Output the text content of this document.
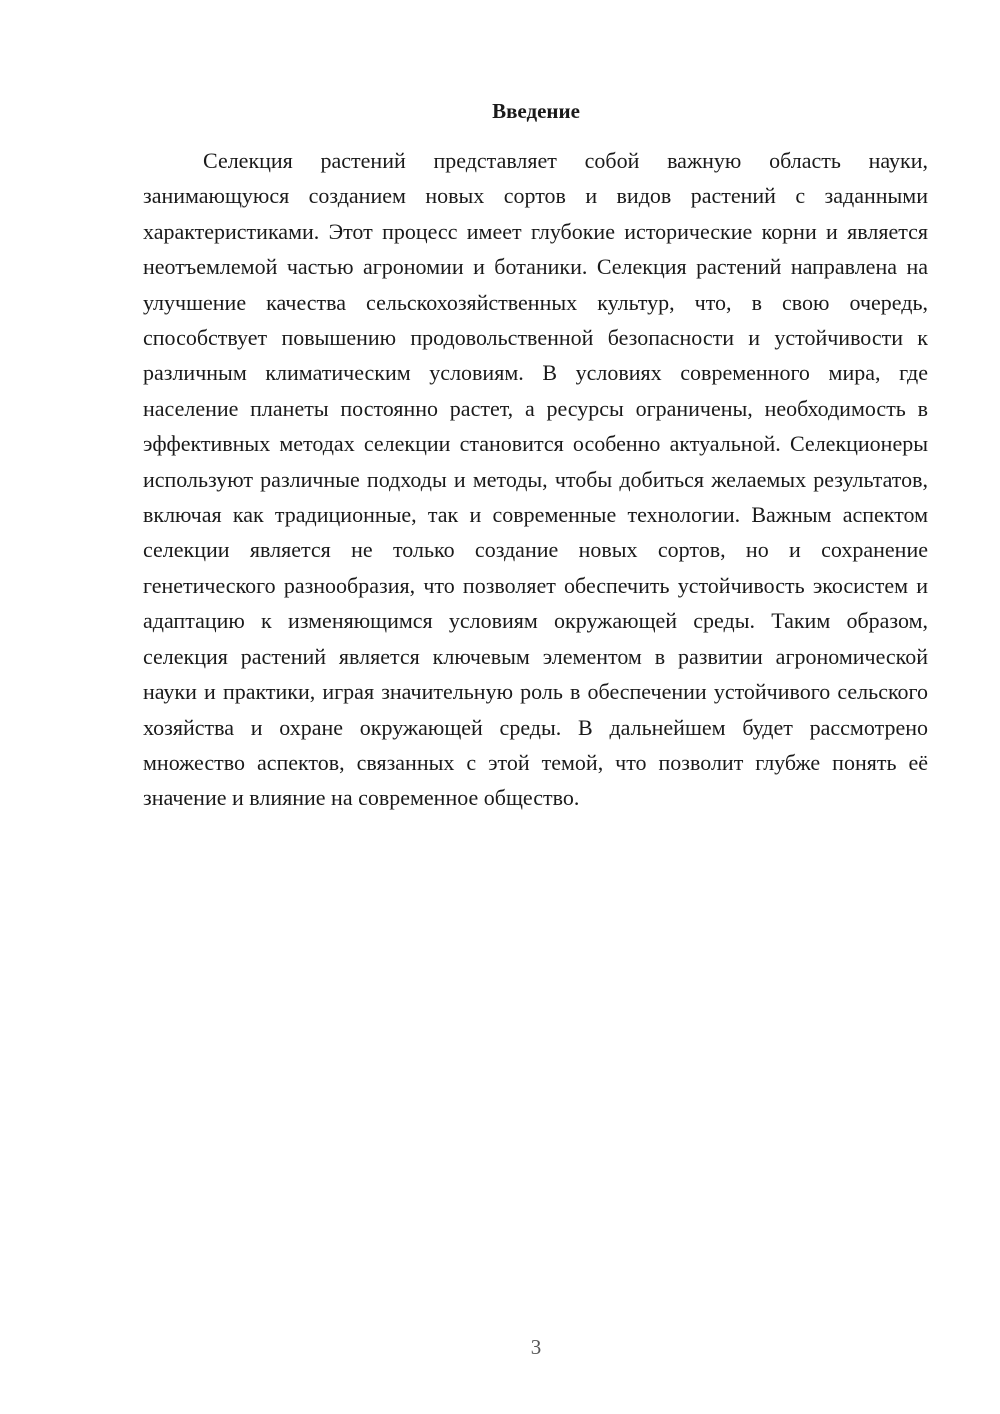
Введение

Селекция растений представляет собой важную область науки, занимающуюся созданием новых сортов и видов растений с заданными характеристиками. Этот процесс имеет глубокие исторические корни и является неотъемлемой частью агрономии и ботаники. Селекция растений направлена на улучшение качества сельскохозяйственных культур, что, в свою очередь, способствует повышению продовольственной безопасности и устойчивости к различным климатическим условиям. В условиях современного мира, где население планеты постоянно растет, а ресурсы ограничены, необходимость в эффективных методах селекции становится особенно актуальной. Селекционеры используют различные подходы и методы, чтобы добиться желаемых результатов, включая как традиционные, так и современные технологии. Важным аспектом селекции является не только создание новых сортов, но и сохранение генетического разнообразия, что позволяет обеспечить устойчивость экосистем и адаптацию к изменяющимся условиям окружающей среды. Таким образом, селекция растений является ключевым элементом в развитии агрономической науки и практики, играя значительную роль в обеспечении устойчивого сельского хозяйства и охране окружающей среды. В дальнейшем будет рассмотрено множество аспектов, связанных с этой темой, что позволит глубже понять её значение и влияние на современное общество.

3
